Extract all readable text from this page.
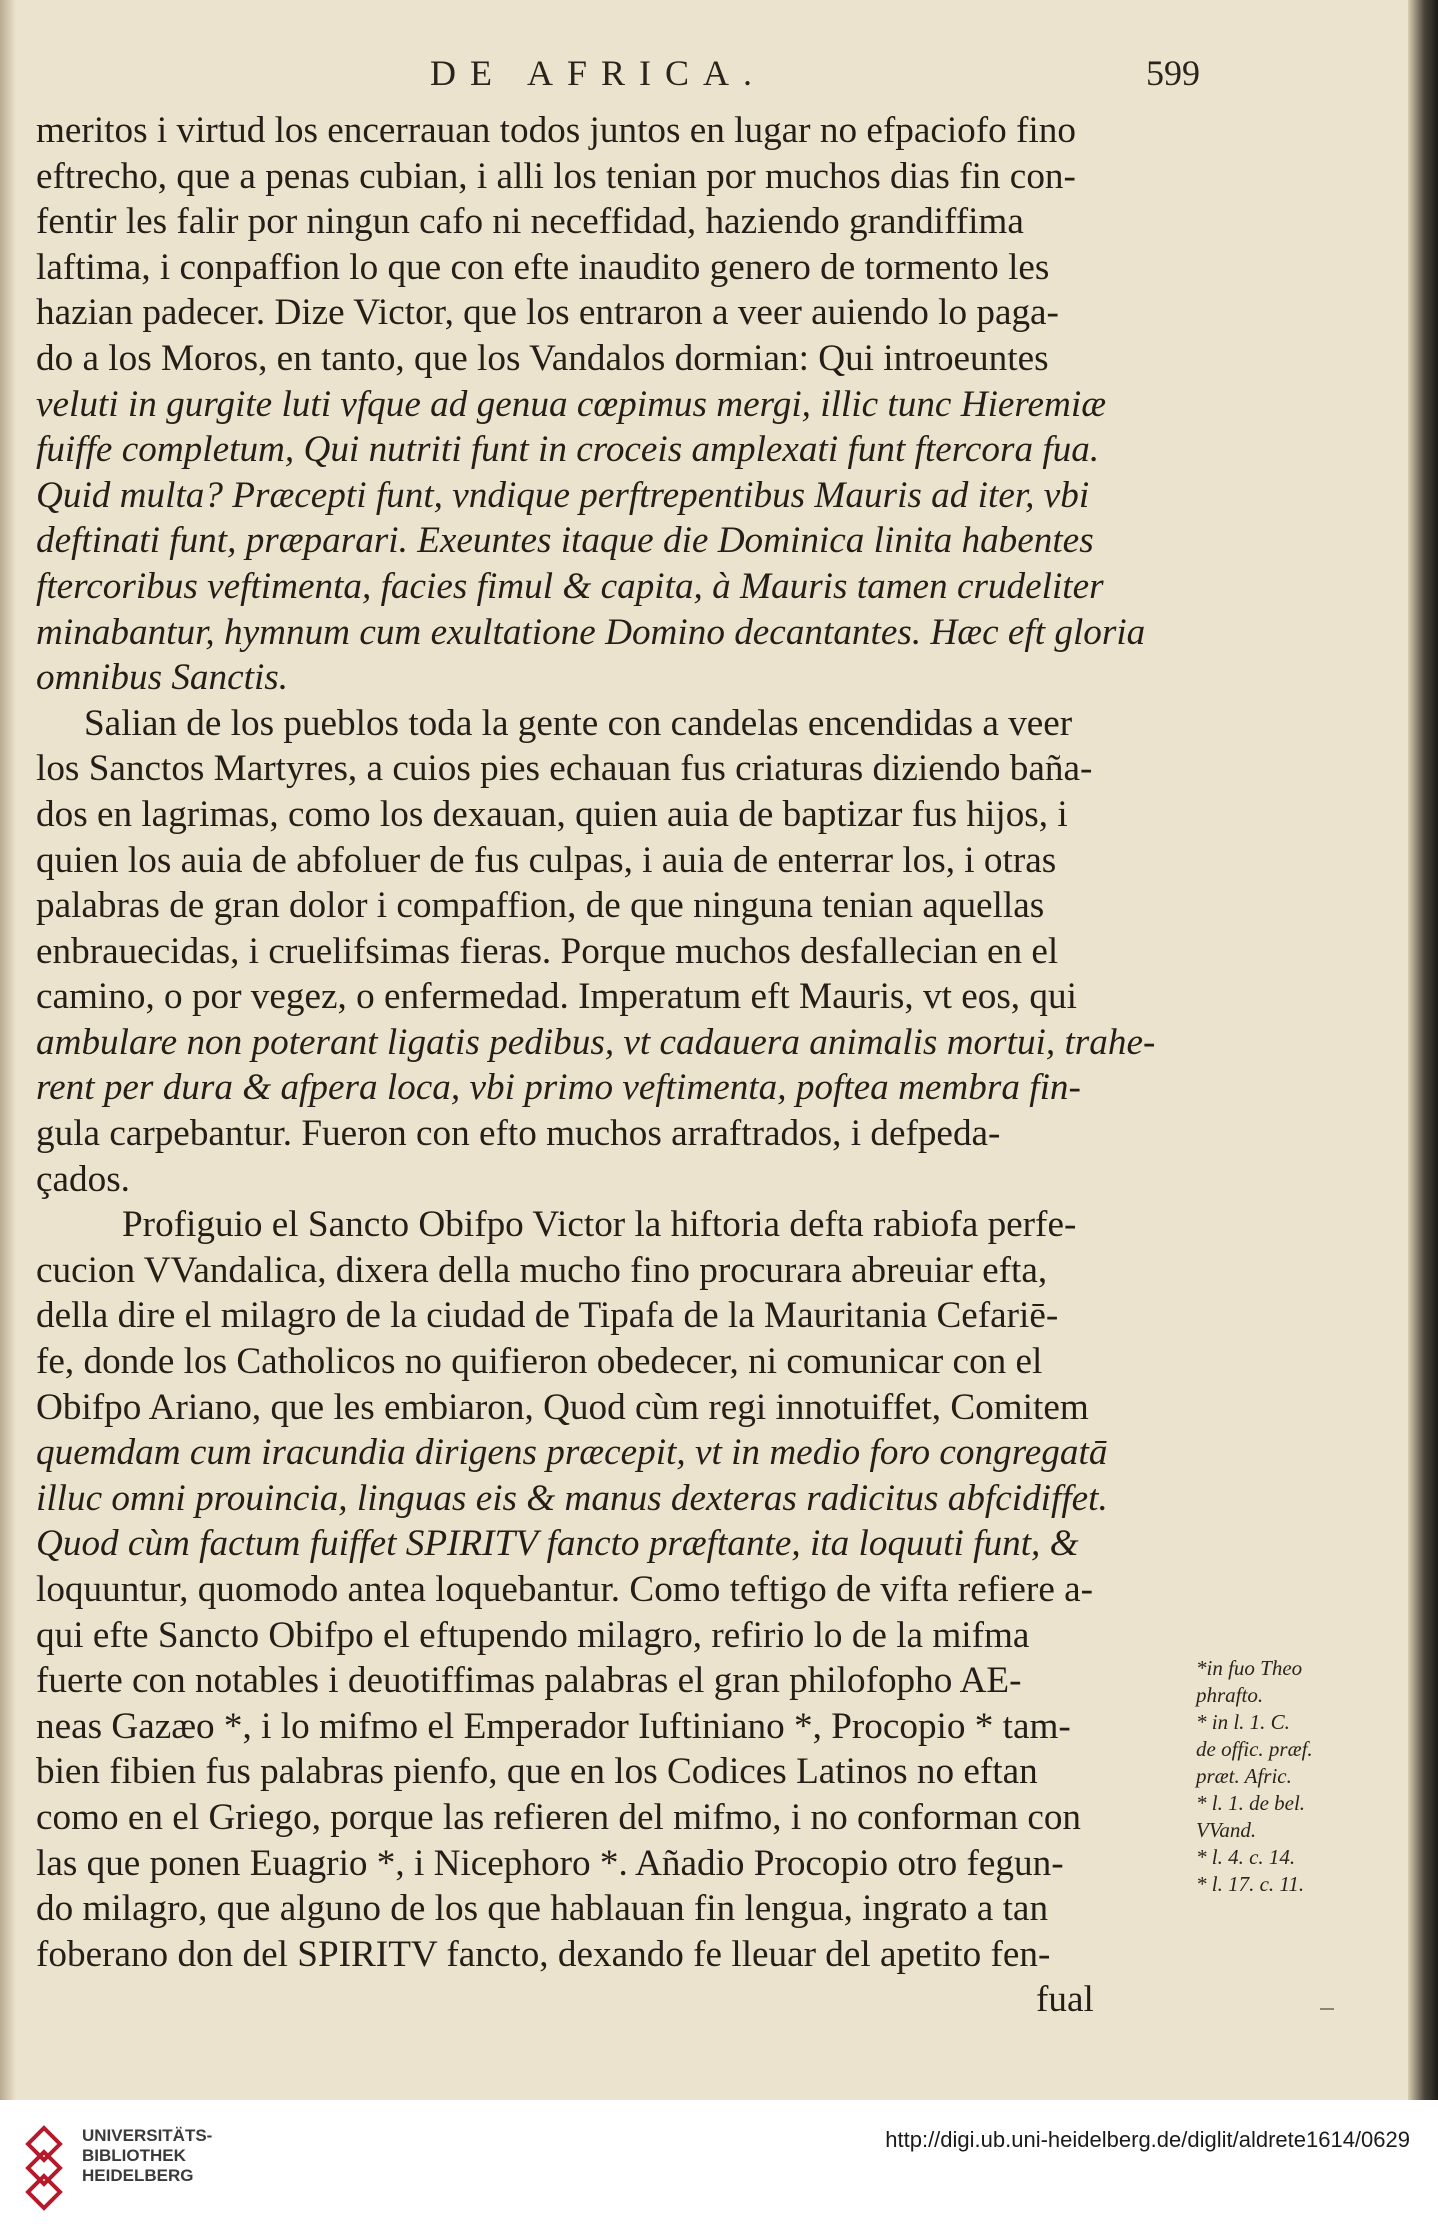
DE AFRICA.	599
meritos i virtud los encerrauan todos juntos en lugar no efpaciofo fino
eftrecho, que a penas cubian, i alli los tenian por muchos dias fin con-
fentir les falir por ningun cafo ni neceffidad, haziendo grandiffima
laftima, i conpaffion lo que con efte inaudito genero de tormento les
hazian padecer. Dize Victor, que los entraron a veer auiendo lo paga-
do a los Moros, en tanto, que los Vandalos dormian: Qui introeuntes
veluti in gurgite luti vfque ad genua cœpimus mergi, illic tunc Hieremiæ
fuiffe completum, Qui nutriti funt in croceis amplexati funt ftercora fua.
Quid multa? Præcepti funt, vndique perftrepentibus Mauris ad iter, vbi
deftinati funt, præparari. Exeuntes itaque die Dominica linita habentes
ftercoribus veftimenta, facies fimul & capita, à Mauris tamen crudeliter
minabantur, hymnum cum exultatione Domino decantantes. Hæc eft gloria
omnibus Sanctis.
Salian de los pueblos toda la gente con candelas encendidas a veer
los Sanctos Martyres, a cuios pies echauan fus criaturas diziendo baña-
dos en lagrimas, como los dexauan, quien auia de baptizar fus hijos, i
quien los auia de abfoluer de fus culpas, i auia de enterrar los, i otras
palabras de gran dolor i compaffion, de que ninguna tenian aquellas
enbrauecidas, i cruelifsimas fieras. Porque muchos desfallecian en el
camino, o por vegez, o enfermedad. Imperatum eft Mauris, vt eos, qui
ambulare non poterant ligatis pedibus, vt cadauera animalis mortui, trahe-
rent per dura & afpera loca, vbi primo veftimenta, poftea membra fin-
gula carpebantur. Fueron con efto muchos arraftrados, i defpeda-
çados.
Profiguio el Sancto Obifpo Victor la hiftoria defta rabiofa perfe-
cucion VVandalica, dixera della mucho fino procurara abreuiar efta,
della dire el milagro de la ciudad de Tipafa de la Mauritania Cefariē-
fe, donde los Catholicos no quifieron obedecer, ni comunicar con el
Obifpo Ariano, que les embiaron, Quod cùm regi innotuiffet, Comitem
quemdam cum iracundia dirigens præcepit, vt in medio foro congregatā
illuc omni prouincia, linguas eis & manus dexteras radicitus abfcidiffet.
Quod cùm factum fuiffet SPIRITV fancto præftante, ita loquuti funt, &
loquuntur, quomodo antea loquebantur. Como teftigo de vifta refiere a-
qui efte Sancto Obifpo el eftupendo milagro, refirio lo de la mifma
fuerte con notables i deuotiffimas palabras el gran philofopho AE-
neas Gazæo *, i lo mifmo el Emperador Iuftiniano *, Procopio * tam-
bien fibien fus palabras pienfo, que en los Codices Latinos no eftan
como en el Griego, porque las refieren del mifmo, i no conforman con
las que ponen Euagrio *, i Nicephoro *. Añadio Procopio otro fegun-
do milagro, que alguno de los que hablauan fin lengua, ingrato a tan
foberano don del SPIRITV fancto, dexando fe lleuar del apetito fen-
fual
*in fuo Theo
phrafto.
* in l. 1. C.
de offic. præf.
præt. Afric.
* l. 1. de bel.
VVand.
* l. 4. c. 14.
* l. 17. c. 11.
UNIVERSITÄTS-
BIBLIOTHEK
HEIDELBERG
http://digi.ub.uni-heidelberg.de/diglit/aldrete1614/0629
